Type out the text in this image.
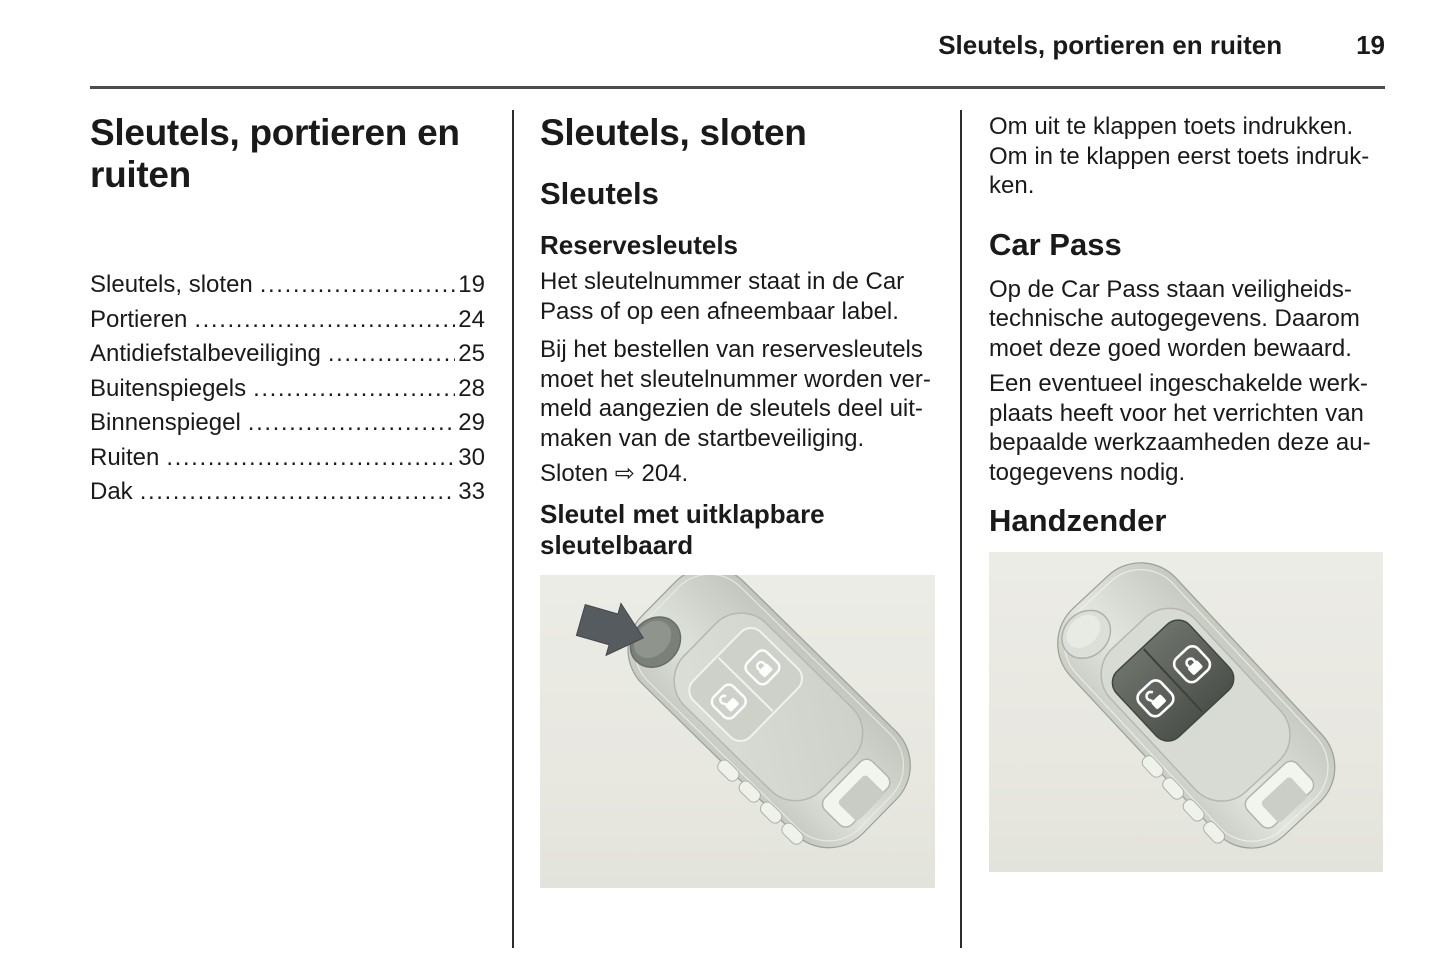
Sleutels, portieren en ruiten	19
Sleutels, portieren en
ruiten
Sleutels, sloten .....	19
Portieren .....	24
Antidiefstalbeveiliging .....	25
Buitenspiegels .....	28
Binnenspiegel .....	29
Ruiten .....	30
Dak .....	33
Sleutels, sloten
Sleutels
Reservesleutels

Het sleutelnummer staat in de Car Pass of op een afneembaar label.

Bij het bestellen van reservesleutels moet het sleutelnummer worden ver- meld aangezien de sleutels deel uit- maken van de startbeveiliging.

Sloten ⇨ 204.

Sleutel met uitklapbare
sleutelbaard

Om uit te klappen toets indrukken. Om in te klappen eerst toets indruk- ken.

Car Pass

Op de Car Pass staan veiligheids- technische autogegevens. Daarom moet deze goed worden bewaard.

Een eventueel ingeschakelde werk- plaats heeft voor het verrichten van bepaalde werkzaamheden deze au- togegevens nodig.

Handzender
